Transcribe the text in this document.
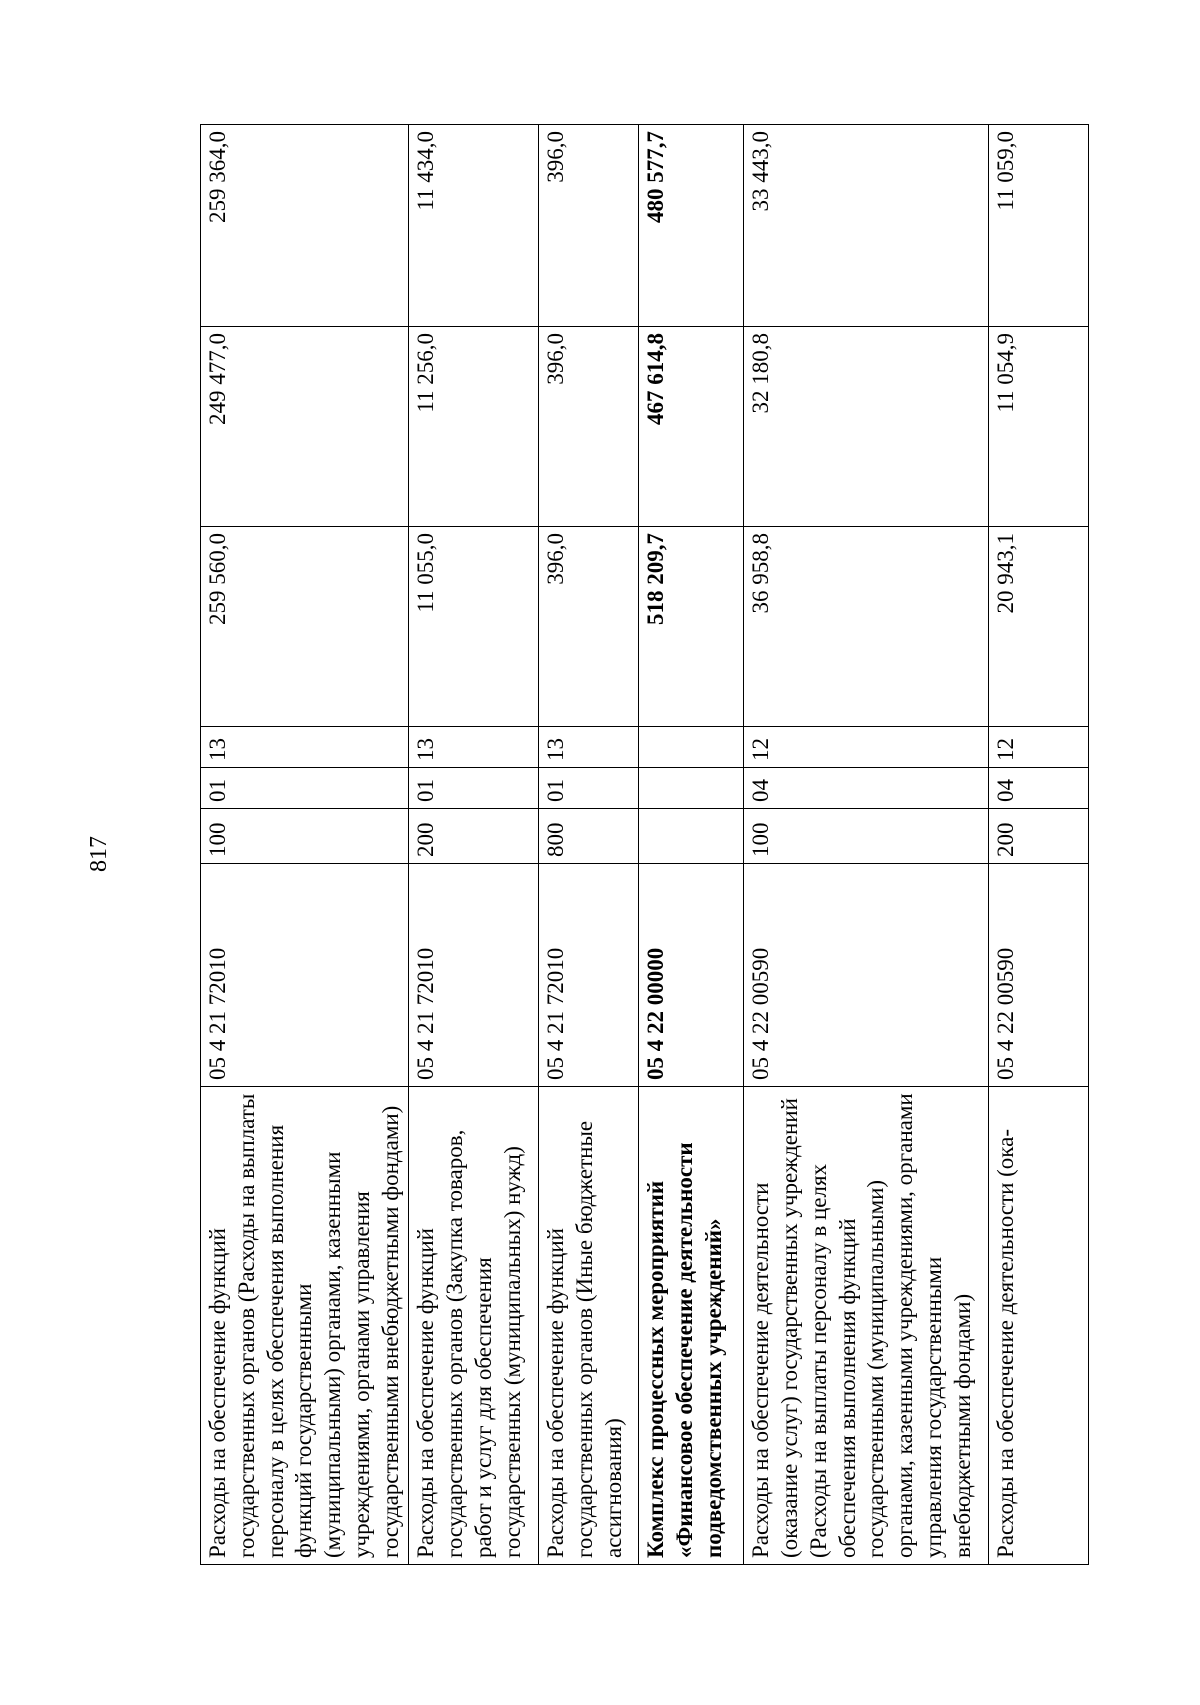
817
Расходы на обеспечение функций государственных органов (Расходы на выплаты персоналу в целях обеспечения выполнения функций государственными (муниципальными) органами, казенными учреждениями, органами управления государственными внебюджетными фондами)	05 4 21 72010	100	01	13	259 560,0	249 477,0	259 364,0
Расходы на обеспечение функций государственных органов (Закупка товаров, работ и услуг для обеспечения государственных (муниципальных) нужд)	05 4 21 72010	200	01	13	11 055,0	11 256,0	11 434,0
Расходы на обеспечение функций государственных органов (Иные бюджетные ассигнования)	05 4 21 72010	800	01	13	396,0	396,0	396,0
Комплекс процессных мероприятий «Финансовое обеспечение деятельности подведомственных учреждений»	05 4 22 00000				518 209,7	467 614,8	480 577,7
Расходы на обеспечение деятельности (оказание услуг) государственных учреждений (Расходы на выплаты персоналу в целях обеспечения выполнения функций государственными (муниципальными) органами, казенными учреждениями, органами управления государственными внебюджетными фондами)	05 4 22 00590	100	04	12	36 958,8	32 180,8	33 443,0
Расходы на обеспечение деятельности (ока-	05 4 22 00590	200	04	12	20 943,1	11 054,9	11 059,0
